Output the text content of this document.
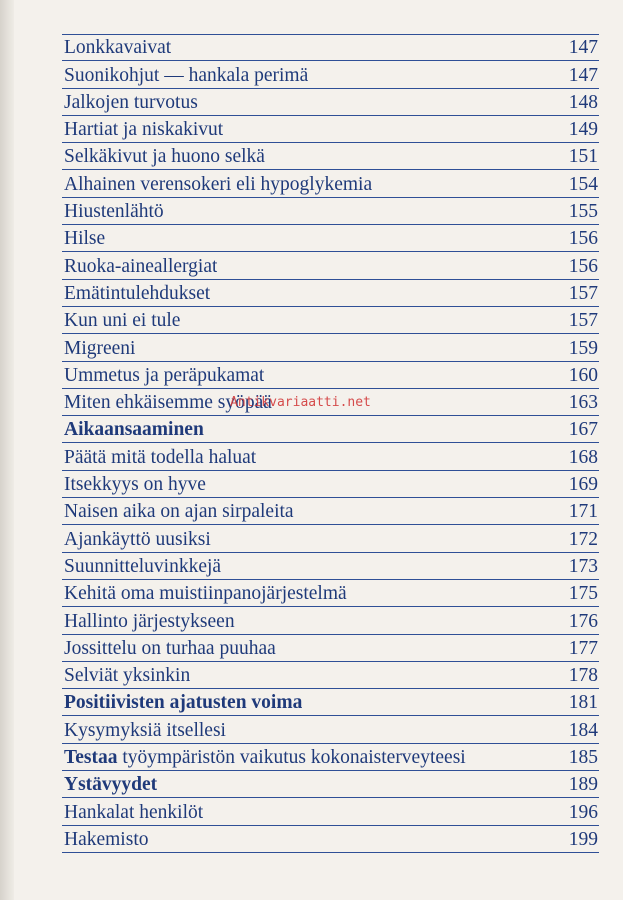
Lonkkavaivat	147
Suonikohjut — hankala perimä	147
Jalkojen turvotus	148
Hartiat ja niskakivut	149
Selkäkivut ja huono selkä	151
Alhainen verensokeri eli hypoglykemia	154
Hiustenlähtö	155
Hilse	156
Ruoka-aineallergiat	156
Emätintulehdukset	157
Kun uni ei tule	157
Migreeni	159
Ummetus ja peräpukamat	160
Miten ehkäisemme syöpää	163
Aikaansaaminen	167
Päätä mitä todella haluat	168
Itsekkyys on hyve	169
Naisen aika on ajan sirpaleita	171
Ajankäyttö uusiksi	172
Suunnitteluvinkkejä	173
Kehitä oma muistiinpanojärjestelmä	175
Hallinto järjestykseen	176
Jossittelu on turhaa puuhaa	177
Selviät yksinkin	178
Positiivisten ajatusten voima	181
Kysymyksiä itsellesi	184
Testaa työympäristön vaikutus kokonaisterveyteesi	185
Ystävyydet	189
Hankalat henkilöt	196
Hakemisto	199
Antikvariaatti.net
